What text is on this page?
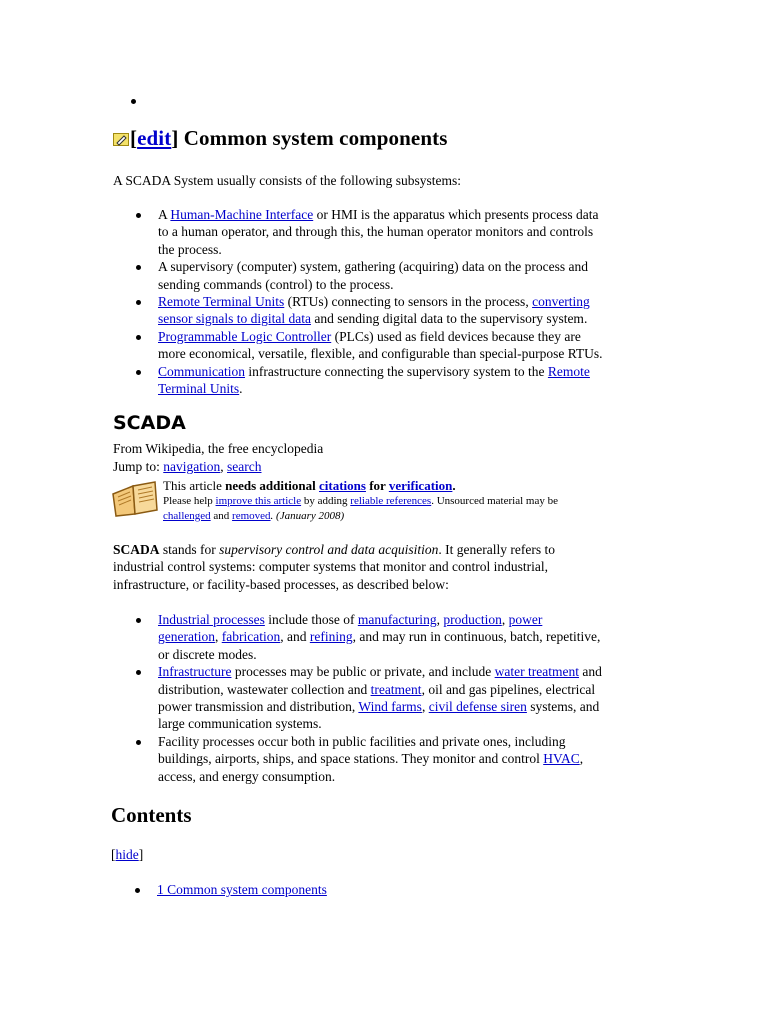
[edit] Common system components

A SCADA System usually consists of the following subsystems:

A Human-Machine Interface or HMI is the apparatus which presents process data
to a human operator, and through this, the human operator monitors and controls
the process.
A supervisory (computer) system, gathering (acquiring) data on the process and
sending commands (control) to the process.
Remote Terminal Units (RTUs) connecting to sensors in the process, converting
sensor signals to digital data and sending digital data to the supervisory system.
Programmable Logic Controller (PLCs) used as field devices because they are
more economical, versatile, flexible, and configurable than special-purpose RTUs.
Communication infrastructure connecting the supervisory system to the Remote
Terminal Units.
SCADA

From Wikipedia, the free encyclopedia

Jump to: navigation, search

This article needs additional citations for verification.
Please help improve this article by adding reliable references. Unsourced material may be
challenged and removed. (January 2008)

SCADA stands for supervisory control and data acquisition. It generally refers to
industrial control systems: computer systems that monitor and control industrial,
infrastructure, or facility-based processes, as described below:

Industrial processes include those of manufacturing, production, power
generation, fabrication, and refining, and may run in continuous, batch, repetitive,
or discrete modes.
Infrastructure processes may be public or private, and include water treatment and
distribution, wastewater collection and treatment, oil and gas pipelines, electrical
power transmission and distribution, Wind farms, civil defense siren systems, and
large communication systems.
Facility processes occur both in public facilities and private ones, including
buildings, airports, ships, and space stations. They monitor and control HVAC,
access, and energy consumption.
Contents

[hide]

1 Common system components
